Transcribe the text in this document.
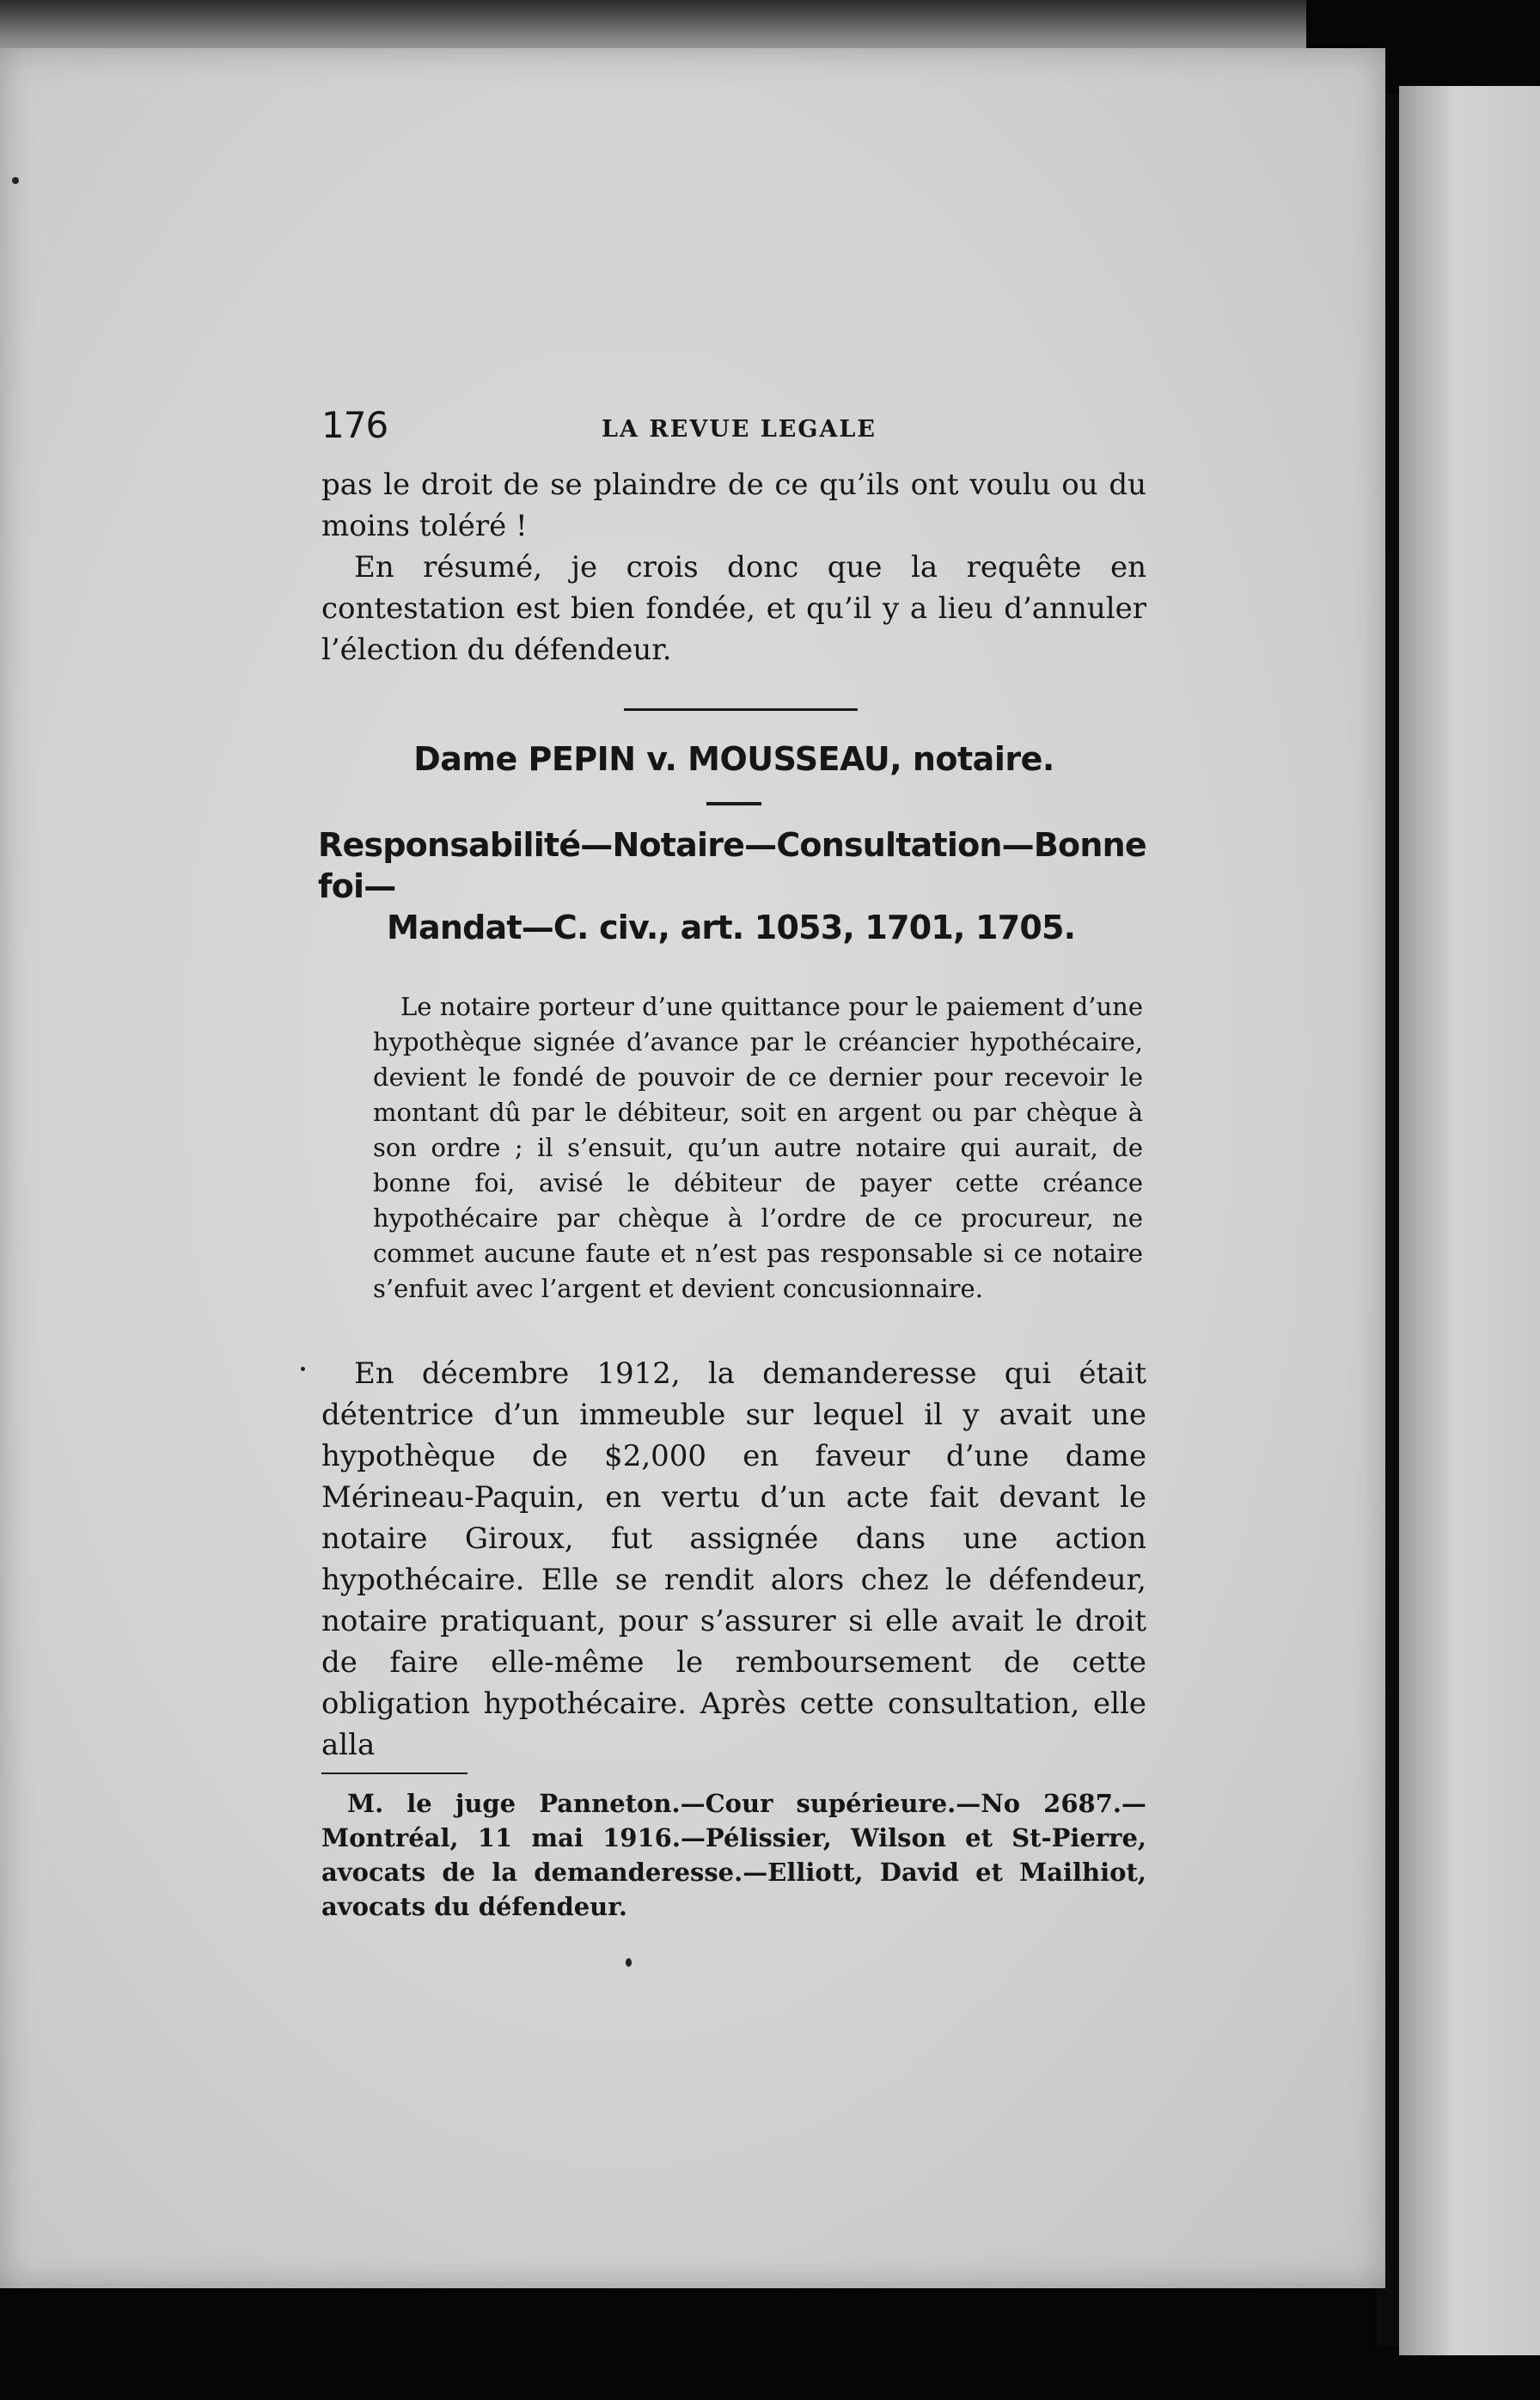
176	LA REVUE LEGALE

pas le droit de se plaindre de ce qu’ils ont voulu ou du moins toléré !

En résumé, je crois donc que la requête en contestation est bien fondée, et qu’il y a lieu d’annuler l’élection du défendeur.

Dame PEPIN v. MOUSSEAU, notaire.
Responsabilité—Notaire—Consultation—Bonne foi—
Mandat—C. civ., art. 1053, 1701, 1705.

Le notaire porteur d’une quittance pour le paiement d’une hypothèque signée d’avance par le créancier hypothécaire, devient le fondé de pouvoir de ce dernier pour recevoir le montant dû par le débiteur, soit en argent ou par chèque à son ordre ; il s’ensuit, qu’un autre notaire qui aurait, de bonne foi, avisé le débiteur de payer cette créance hypothécaire par chèque à l’ordre de ce procureur, ne commet aucune faute et n’est pas responsable si ce notaire s’enfuit avec l’argent et devient concusionnaire.

En décembre 1912, la demanderesse qui était détentrice d’un immeuble sur lequel il y avait une hypothèque de $2,000 en faveur d’une dame Mérineau-Paquin, en vertu d’un acte fait devant le notaire Giroux, fut assignée dans une action hypothécaire. Elle se rendit alors chez le défendeur, notaire pratiquant, pour s’assurer si elle avait le droit de faire elle-même le remboursement de cette obligation hypothécaire. Après cette consultation, elle alla

M. le juge Panneton.—Cour supérieure.—No 2687.—Montréal, 11 mai 1916.—Pélissier, Wilson et St-Pierre, avocats de la demanderesse.—Elliott, David et Mailhiot, avocats du défendeur.
